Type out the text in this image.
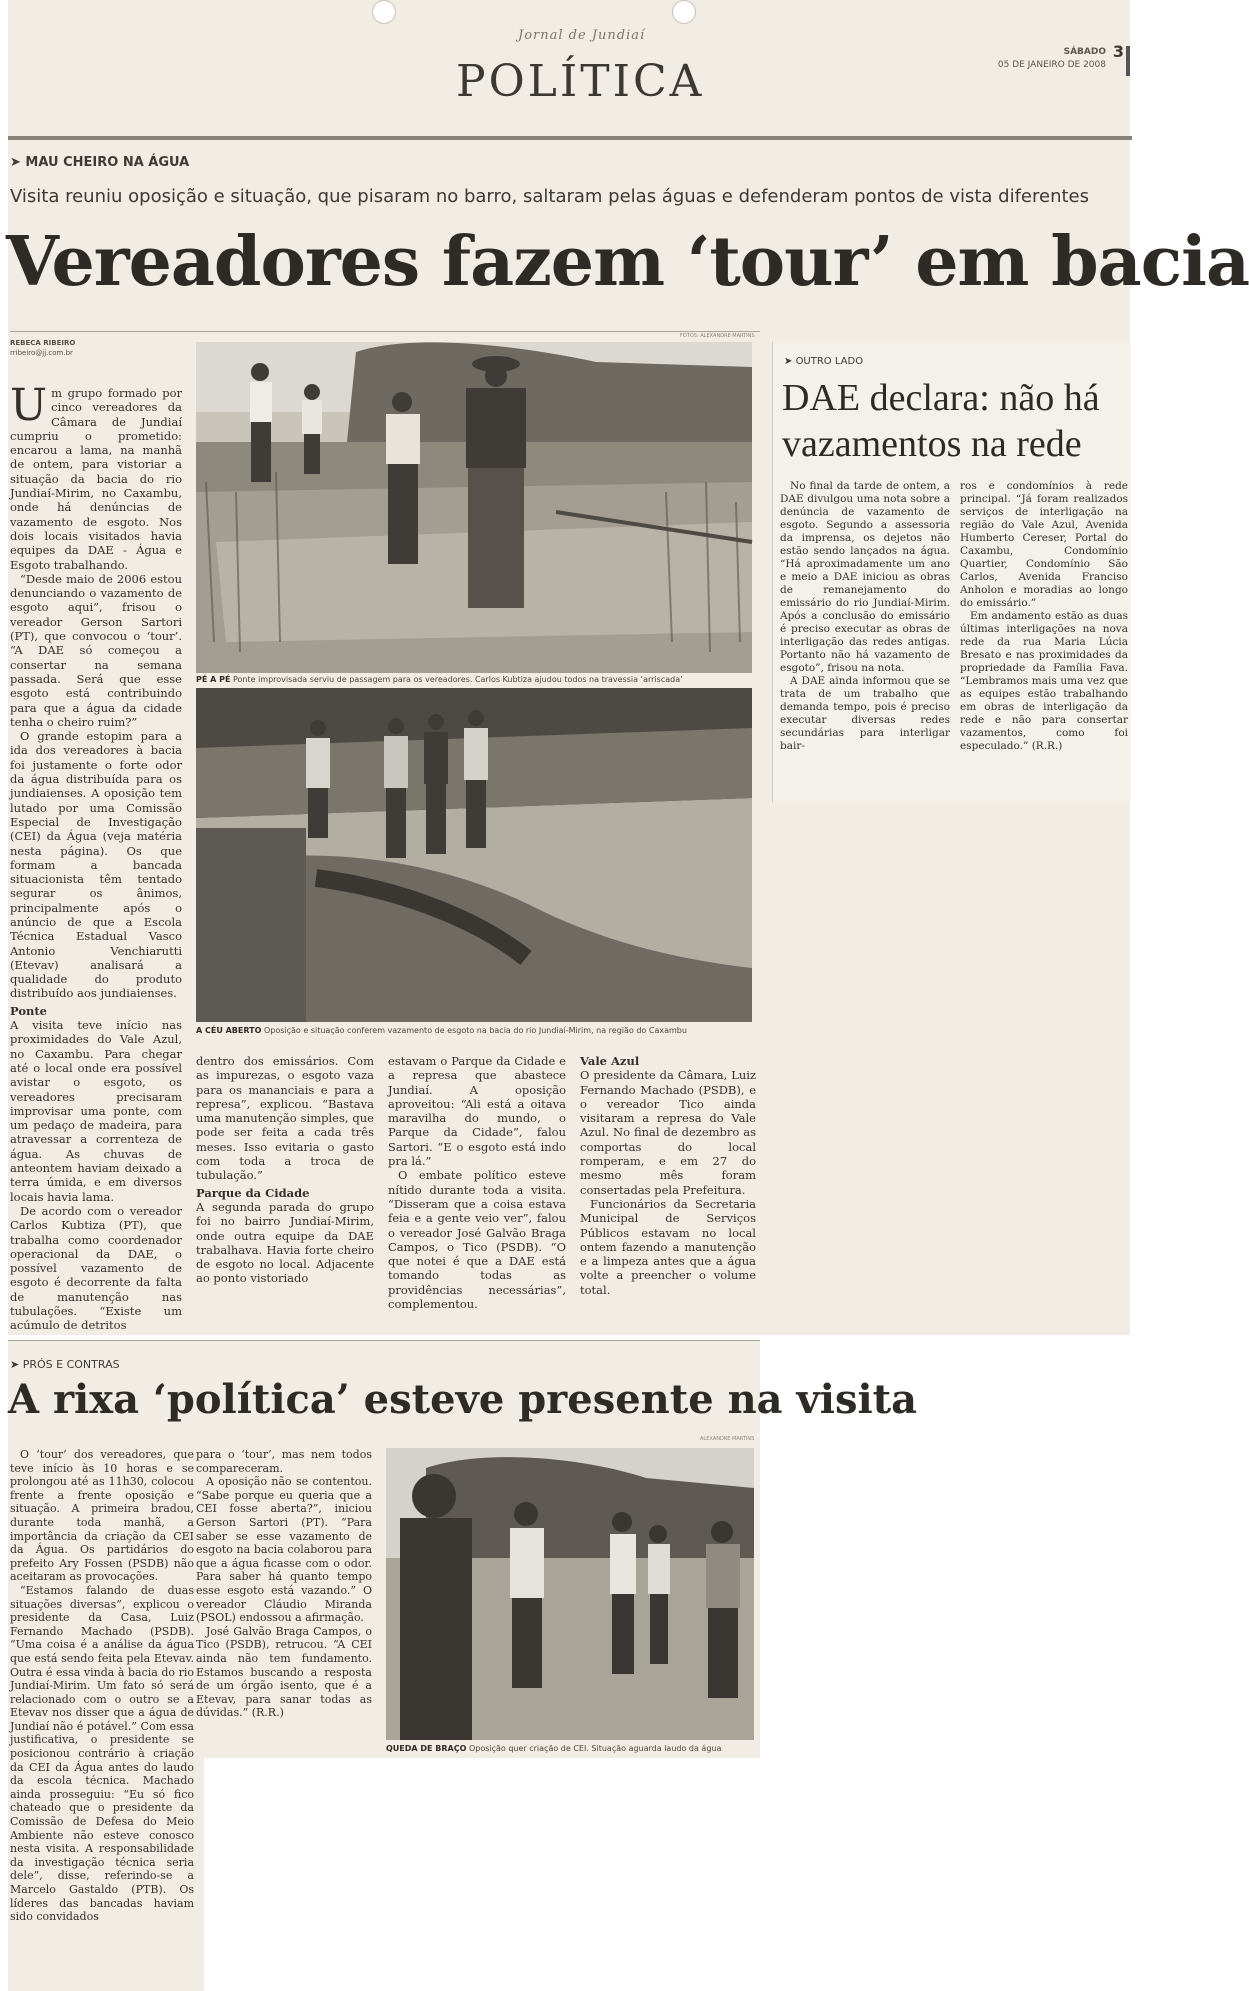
Jornal de Jundiaí
POLÍTICA
SÁBADO
05 DE JANEIRO DE 2008
3
➤ MAU CHEIRO NA ÁGUA
Visita reuniu oposição e situação, que pisaram no barro, saltaram pelas águas e defenderam pontos de vista diferentes
Vereadores fazem ‘tour’ em bacia
REBECA RIBEIRO
rribeiro@jj.com.br
FOTOS: ALEXANDRE MARTINS

Um grupo formado por cinco vereadores da Câmara de Jundiaí cumpriu o prometido: encarou a lama, na manhã de ontem, para vistoriar a situação da bacia do rio Jundiaí-Mirim, no Caxambu, onde há denúncias de vazamento de esgoto. Nos dois locais visitados havia equipes da DAE - Água e Esgoto trabalhando.

“Desde maio de 2006 estou denunciando o vazamento de esgoto aqui”, frisou o vereador Gerson Sartori (PT), que convocou o ‘tour’. “A DAE só começou a consertar na semana passada. Será que esse esgoto está contribuindo para que a água da cidade tenha o cheiro ruim?”

O grande estopim para a ida dos vereadores à bacia foi justamente o forte odor da água distribuída para os jundiaienses. A oposição tem lutado por uma Comissão Especial de Investigação (CEI) da Água (veja matéria nesta página). Os que formam a bancada situacionista têm tentado segurar os ânimos, principalmente após o anúncio de que a Escola Técnica Estadual Vasco Antonio Venchiarutti (Etevav) analisará a qualidade do produto distribuído aos jundiaienses.

Ponte

A visita teve início nas proximidades do Vale Azul, no Caxambu. Para chegar até o local onde era possível avistar o esgoto, os vereadores precisaram improvisar uma ponte, com um pedaço de madeira, para atravessar a correnteza de água. As chuvas de anteontem haviam deixado a terra úmida, e em diversos locais havia lama.

De acordo com o vereador Carlos Kubtiza (PT), que trabalha como coordenador operacional da DAE, o possível vazamento de esgoto é decorrente da falta de manutenção nas tubulações. “Existe um acúmulo de detritos

PÉ A PÉ Ponte improvisada serviu de passagem para os vereadores. Carlos Kubtiza ajudou todos na travessia ‘arriscada’
A CÉU ABERTO Oposição e situação conferem vazamento de esgoto na bacia do rio Jundiaí-Mirim, na região do Caxambu

dentro dos emissários. Com as impurezas, o esgoto vaza para os mananciais e para a represa”, explicou. “Bastava uma manutenção simples, que pode ser feita a cada três meses. Isso evitaria o gasto com toda a troca de tubulação.”

Parque da Cidade

A segunda parada do grupo foi no bairro Jundiaí-Mirim, onde outra equipe da DAE trabalhava. Havia forte cheiro de esgoto no local. Adjacente ao ponto vistoriado

estavam o Parque da Cidade e a represa que abastece Jundiaí. A oposição aproveitou: “Ali está a oitava maravilha do mundo, o Parque da Cidade”, falou Sartori. “E o esgoto está indo pra lá.”

O embate político esteve nítido durante toda a visita. “Disseram que a coisa estava feia e a gente veio ver”, falou o vereador José Galvão Braga Campos, o Tico (PSDB). “O que notei é que a DAE está tomando todas as providências necessárias”, complementou.

Vale Azul

O presidente da Câmara, Luiz Fernando Machado (PSDB), e o vereador Tico ainda visitaram a represa do Vale Azul. No final de dezembro as comportas do local romperam, e em 27 do mesmo mês foram consertadas pela Prefeitura.

Funcionários da Secretaria Municipal de Serviços Públicos estavam no local ontem fazendo a manutenção e a limpeza antes que a água volte a preencher o volume total.

➤ OUTRO LADO
DAE declara: não há vazamentos na rede

No final da tarde de ontem, a DAE divulgou uma nota sobre a denúncia de vazamento de esgoto. Segundo a assessoria da imprensa, os dejetos não estão sendo lançados na água. “Há aproximadamente um ano e meio a DAE iniciou as obras de remanejamento do emissário do rio Jundiaí-Mirim. Após a conclusão do emissário é preciso executar as obras de interligação das redes antigas. Portanto não há vazamento de esgoto”, frisou na nota.

A DAE ainda informou que se trata de um trabalho que demanda tempo, pois é preciso executar diversas redes secundárias para interligar bair-

ros e condomínios à rede principal. “Já foram realizados serviços de interligação na região do Vale Azul, Avenida Humberto Cereser, Portal do Caxambu, Condomínio Quartier, Condomínio São Carlos, Avenida Franciso Anholon e moradias ao longo do emissário.”

Em andamento estão as duas últimas interligações na nova rede da rua Maria Lúcia Bresato e nas proximidades da propriedade da Família Fava. “Lembramos mais uma vez que as equipes estão trabalhando em obras de interligação da rede e não para consertar vazamentos, como foi especulado.” (R.R.)

➤ PRÓS E CONTRAS
A rixa ‘política’ esteve presente na visita
ALEXANDRE MARTINS

O ‘tour’ dos vereadores, que teve início às 10 horas e se prolongou até as 11h30, colocou frente a frente oposição e situação. A primeira bradou, durante toda manhã, a importância da criação da CEI da Água. Os partidários do prefeito Ary Fossen (PSDB) não aceitaram as provocações.

“Estamos falando de duas situações diversas”, explicou o presidente da Casa, Luiz Fernando Machado (PSDB). “Uma coisa é a análise da água que está sendo feita pela Etevav. Outra é essa vinda à bacia do rio Jundiaí-Mirim. Um fato só será relacionado com o outro se a Etevav nos disser que a água de Jundiaí não é potável.” Com essa justificativa, o presidente se posicionou contrário à criação da CEI da Água antes do laudo da escola técnica. Machado ainda prosseguiu: “Eu só fico chateado que o presidente da Comissão de Defesa do Meio Ambiente não esteve conosco nesta visita. A responsabilidade da investigação técnica seria dele”, disse, referindo-se a Marcelo Gastaldo (PTB). Os líderes das bancadas haviam sido convidados

para o ‘tour’, mas nem todos compareceram.

A oposição não se contentou. “Sabe porque eu queria que a CEI fosse aberta?”, iniciou Gerson Sartori (PT). “Para saber se esse vazamento de esgoto na bacia colaborou para que a água ficasse com o odor. Para saber há quanto tempo esse esgoto está vazando.” O vereador Cláudio Miranda (PSOL) endossou a afirmação.

José Galvão Braga Campos, o Tico (PSDB), retrucou. “A CEI ainda não tem fundamento. Estamos buscando a resposta de um órgão isento, que é a Etevav, para sanar todas as dúvidas.” (R.R.)

QUEDA DE BRAÇO Oposição quer criação de CEI. Situação aguarda laudo da água
